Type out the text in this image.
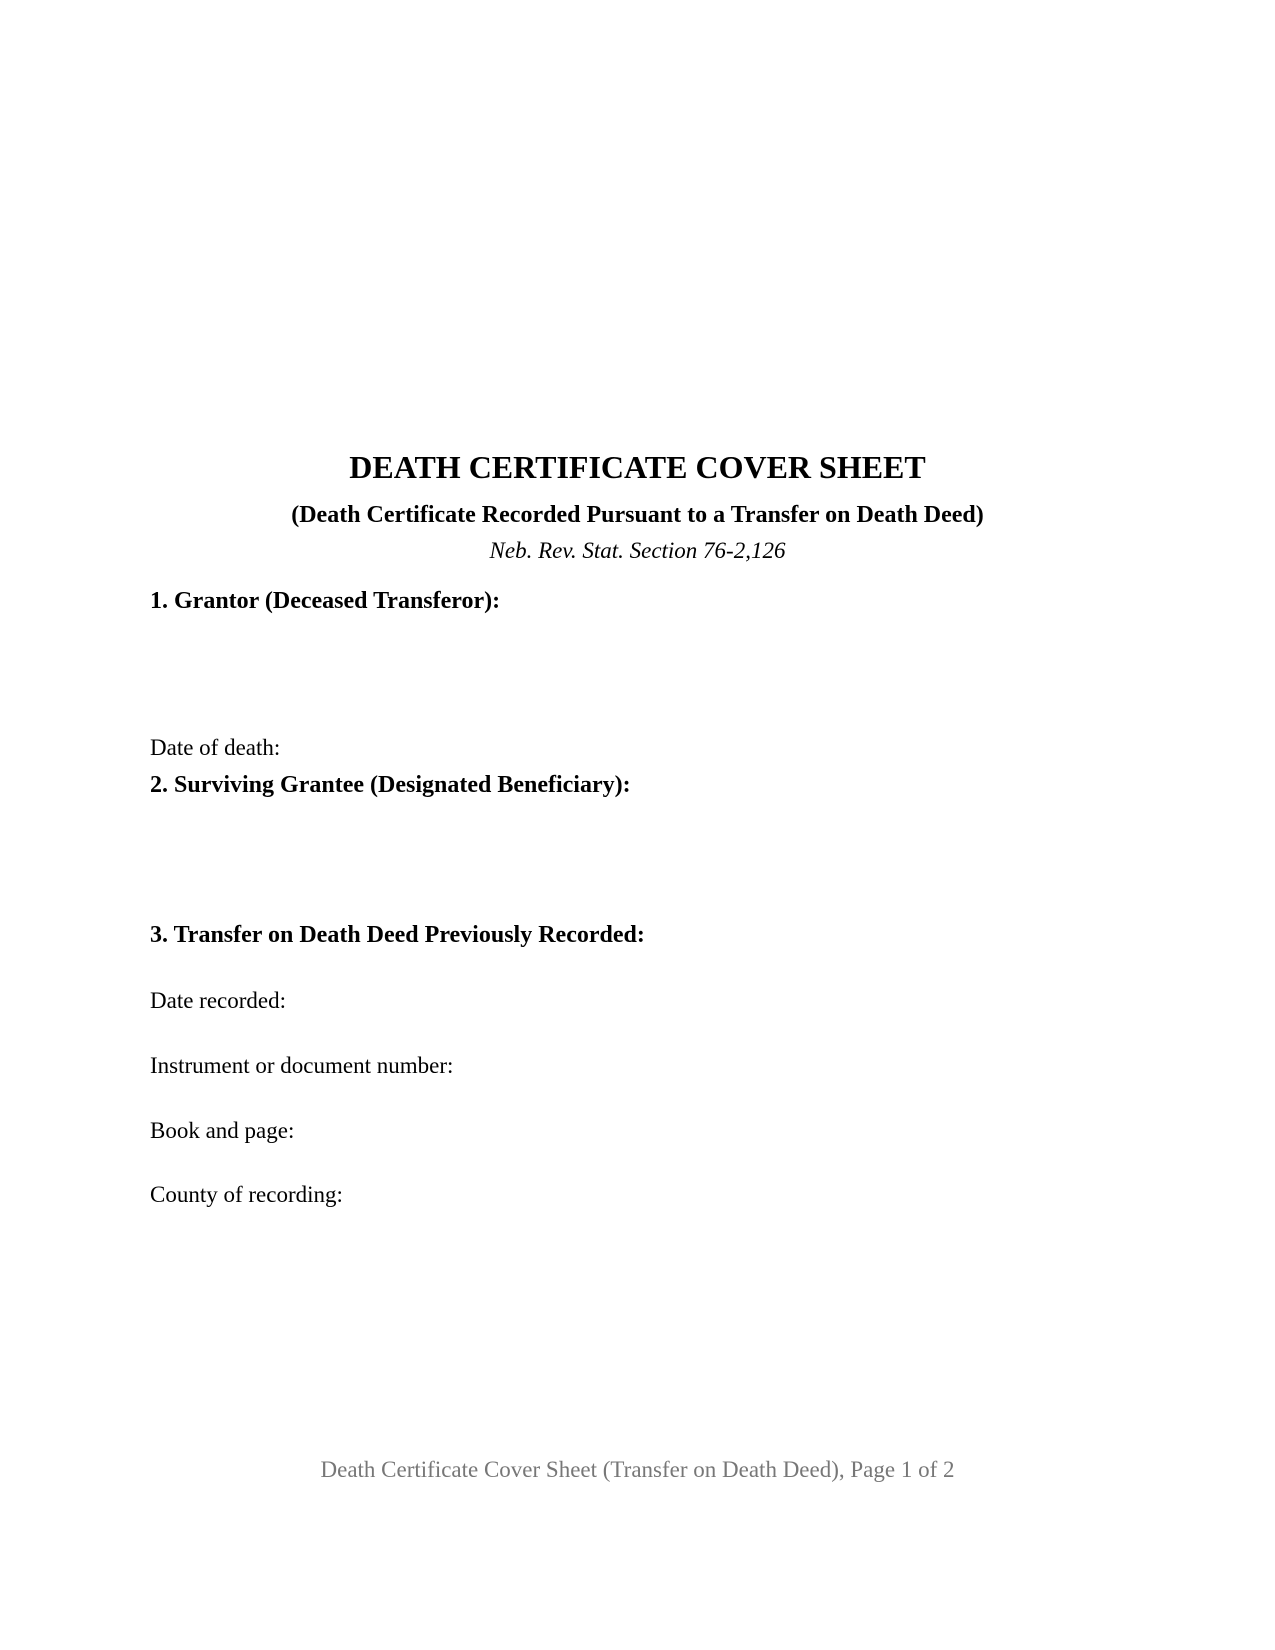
DEATH CERTIFICATE COVER SHEET
(Death Certificate Recorded Pursuant to a Transfer on Death Deed)
Neb. Rev. Stat. Section 76-2,126
1. Grantor (Deceased Transferor):
Date of death:
2. Surviving Grantee (Designated Beneficiary):
3. Transfer on Death Deed Previously Recorded:
Date recorded:
Instrument or document number:
Book and page:
County of recording:
Death Certificate Cover Sheet (Transfer on Death Deed), Page 1 of 2
